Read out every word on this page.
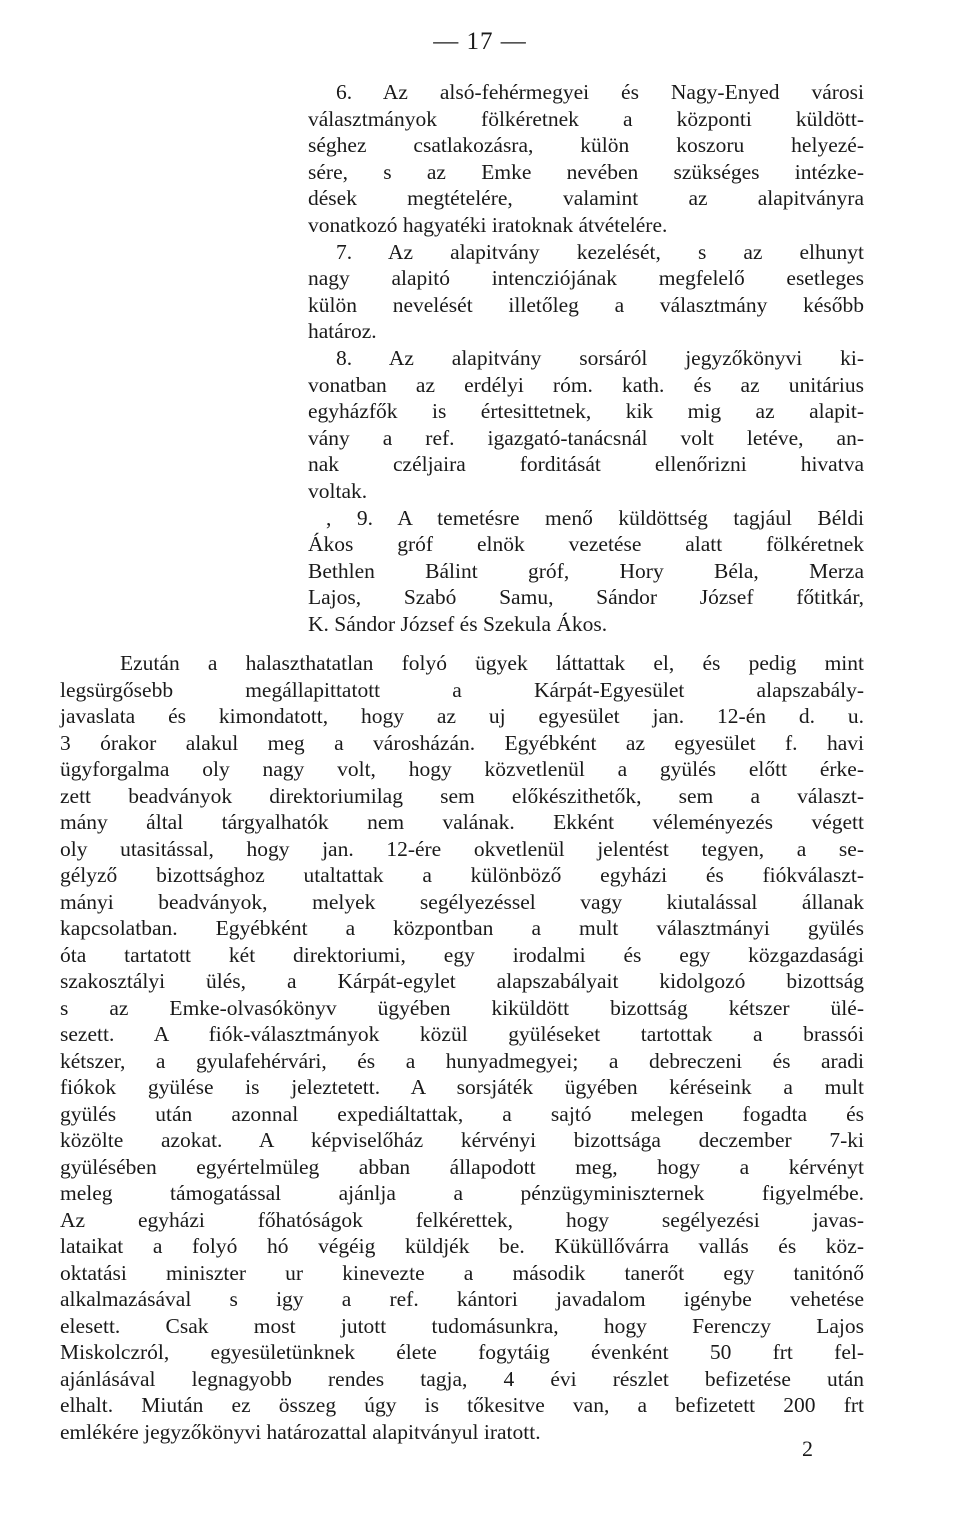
— 17 —
6. Az alsó-fehérmegyei és Nagy-Enyed városi
választmányok fölkéretnek a központi küldött-
séghez csatlakozásra, külön koszoru helyezé-
sére, s az Emke nevében szükséges intézke-
dések megtételére, valamint az alapitványra
vonatkozó hagyatéki iratoknak átvételére.
7. Az alapitvány kezelését, s az elhunyt
nagy alapitó intencziójának megfelelő esetleges
külön nevelését illetőleg a választmány később
határoz.
8. Az alapitvány sorsáról jegyzőkönyvi ki-
vonatban az erdélyi róm. kath. és az unitárius
egyházfők is értesittetnek, kik mig az alapit-
vány a ref. igazgató-tanácsnál volt letéve, an-
nak czéljaira forditását ellenőrizni hivatva
voltak.
, 9. A temetésre menő küldöttség tagjául Béldi
Ákos gróf elnök vezetése alatt fölkéretnek
Bethlen Bálint gróf, Hory Béla, Merza
Lajos, Szabó Samu, Sándor József főtitkár,
K. Sándor József és Szekula Ákos.
Ezután a halaszthatatlan folyó ügyek láttattak el, és pedig mint
legsürgősebb megállapittatott a Kárpát-Egyesület alapszabály-
javaslata és kimondatott, hogy az uj egyesület jan. 12-én d. u.
3 órakor alakul meg a városházán. Egyébként az egyesület f. havi
ügyforgalma oly nagy volt, hogy közvetlenül a gyülés előtt érke-
zett beadványok direktoriumilag sem előkészithetők, sem a választ-
mány által tárgyalhatók nem valának. Ekként véleményezés végett
oly utasitással, hogy jan. 12-ére okvetlenül jelentést tegyen, a se-
gélyző bizottsághoz utaltattak a különböző egyházi és fiókválaszt-
mányi beadványok, melyek segélyezéssel vagy kiutalással állanak
kapcsolatban. Egyébként a központban a mult választmányi gyülés
óta tartatott két direktoriumi, egy irodalmi és egy közgazdasági
szakosztályi ülés, a Kárpát-egylet alapszabályait kidolgozó bizottság
s az Emke-olvasókönyv ügyében kiküldött bizottság kétszer ülé-
sezett. A fiók-választmányok közül gyüléseket tartottak a brassói
kétszer, a gyulafehérvári, és a hunyadmegyei; a debreczeni és aradi
fiókok gyülése is jeleztetett. A sorsjáték ügyében kéréseink a mult
gyülés után azonnal expediáltattak, a sajtó melegen fogadta és
közölte azokat. A képviselőház kérvényi bizottsága deczember 7-ki
gyülésében egyértelmüleg abban állapodott meg, hogy a kérvényt
meleg támogatással ajánlja a pénzügyminiszternek figyelmébe.
Az egyházi főhatóságok felkérettek, hogy segélyezési javas-
lataikat a folyó hó végéig küldjék be. Küküllővárra vallás és köz-
oktatási miniszter ur kinevezte a második tanerőt egy tanitónő
alkalmazásával s igy a ref. kántori javadalom igénybe vehetése
elesett. Csak most jutott tudomásunkra, hogy Ferenczy Lajos
Miskolczról, egyesületünknek élete fogytáig évenként 50 frt fel-
ajánlásával legnagyobb rendes tagja, 4 évi részlet befizetése után
elhalt. Miután ez összeg úgy is tőkesitve van, a befizetett 200 frt
emlékére jegyzőkönyvi határozattal alapitványul iratott.
2
